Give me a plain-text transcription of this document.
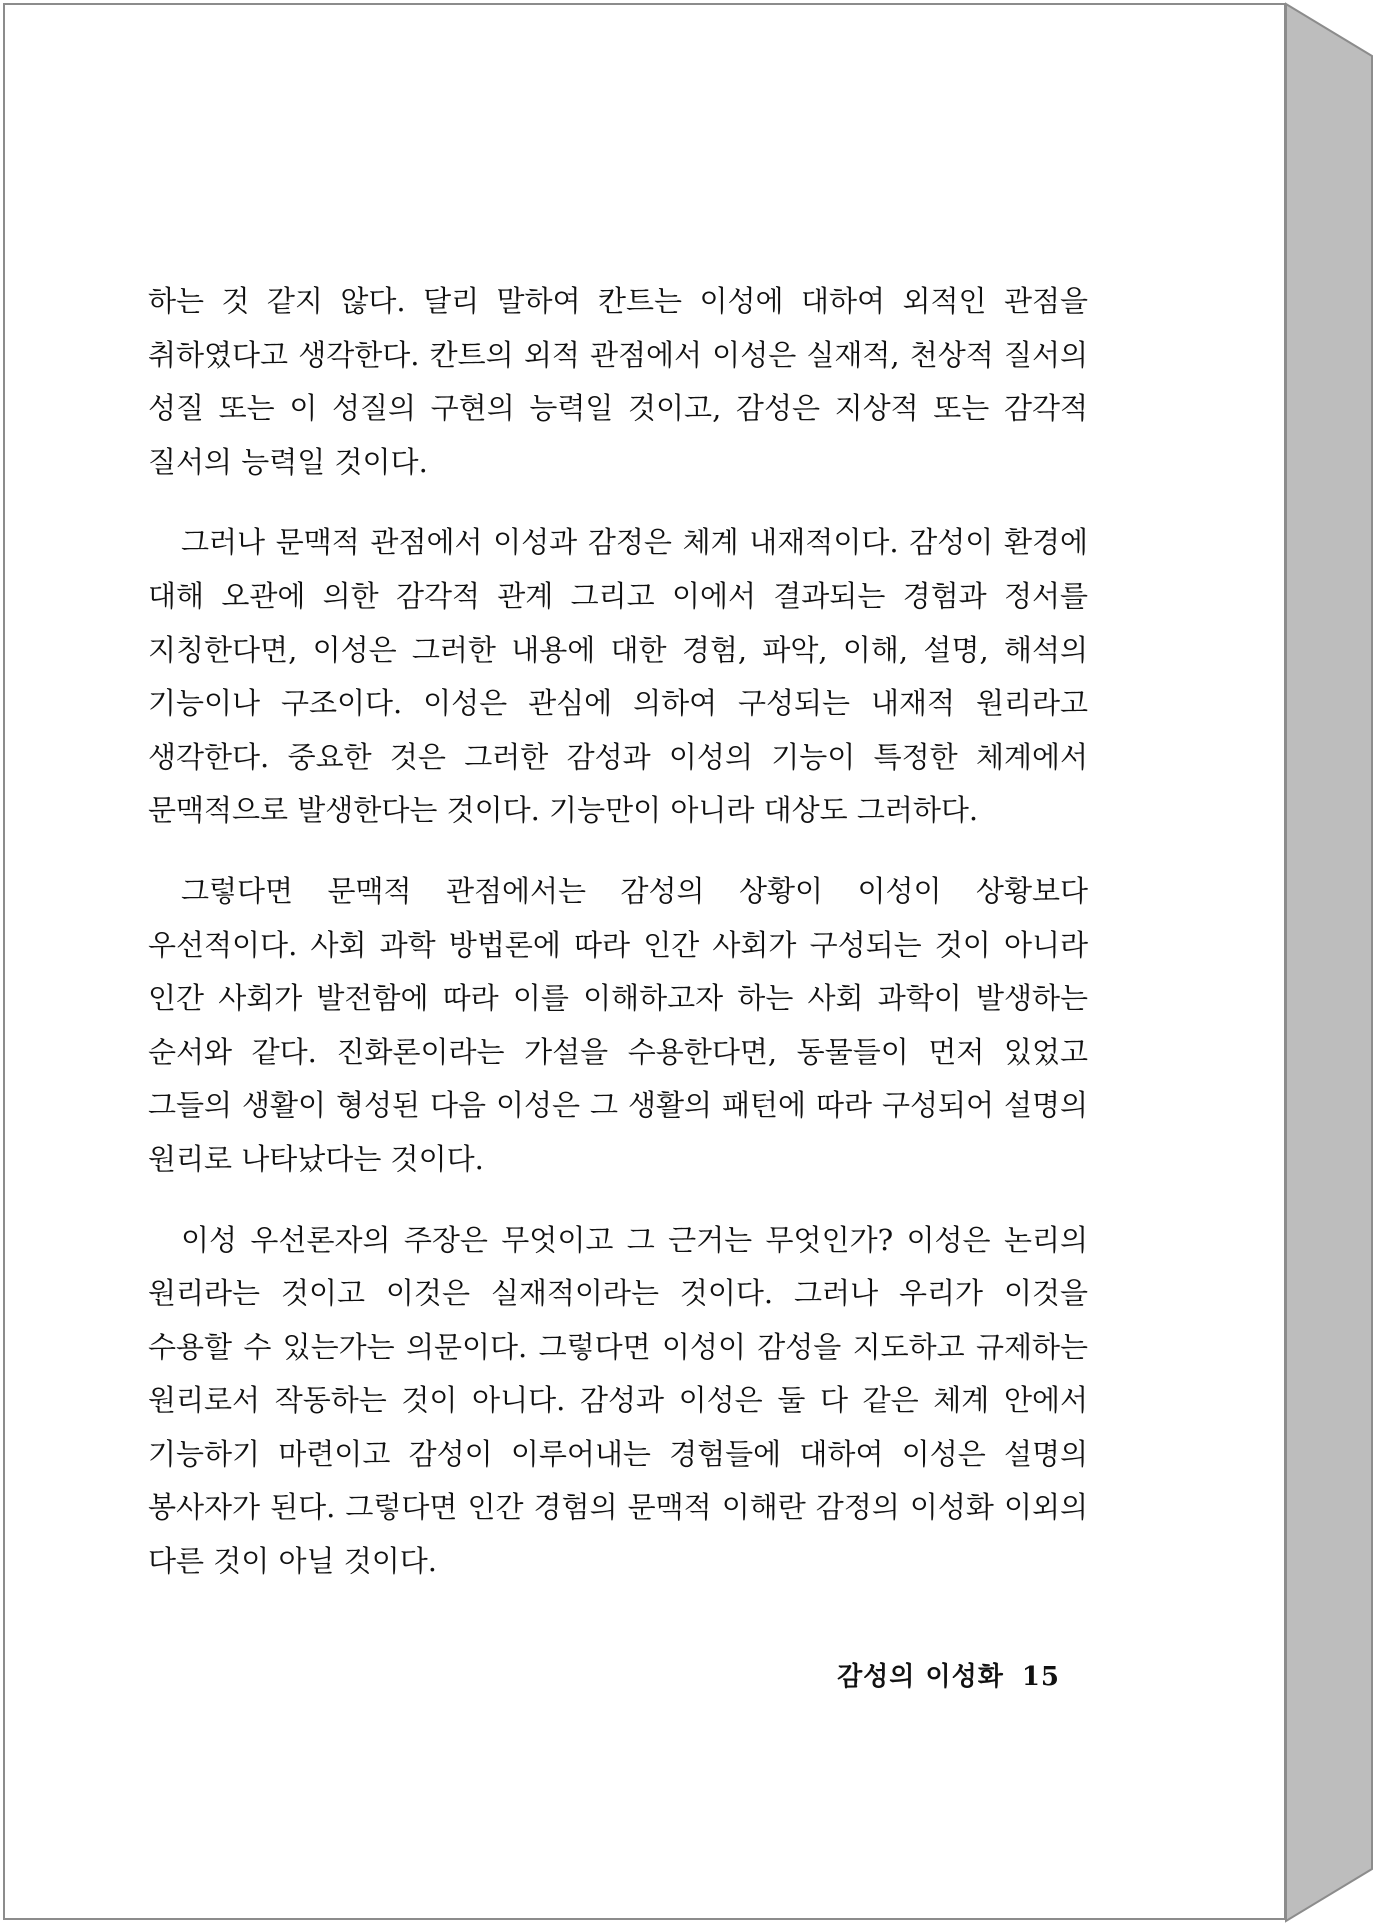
하는 것 같지 않다. 달리 말하여 칸트는 이성에 대하여 외적인 관점을 취하였다고 생각한다. 칸트의 외적 관점에서 이성은 실재적, 천상적 질서의 성질 또는 이 성질의 구현의 능력일 것이고, 감성은 지상적 또는 감각적 질서의 능력일 것이다.

그러나 문맥적 관점에서 이성과 감정은 체계 내재적이다. 감성이 환경에 대해 오관에 의한 감각적 관계 그리고 이에서 결과되는 경험과 정서를 지칭한다면, 이성은 그러한 내용에 대한 경험, 파악, 이해, 설명, 해석의 기능이나 구조이다. 이성은 관심에 의하여 구성되는 내재적 원리라고 생각한다. 중요한 것은 그러한 감성과 이성의 기능이 특정한 체계에서 문맥적으로 발생한다는 것이다. 기능만이 아니라 대상도 그러하다.

그렇다면 문맥적 관점에서는 감성의 상황이 이성이 상황보다 우선적이다. 사회 과학 방법론에 따라 인간 사회가 구성되는 것이 아니라 인간 사회가 발전함에 따라 이를 이해하고자 하는 사회 과학이 발생하는 순서와 같다. 진화론이라는 가설을 수용한다면, 동물들이 먼저 있었고 그들의 생활이 형성된 다음 이성은 그 생활의 패턴에 따라 구성되어 설명의 원리로 나타났다는 것이다.

이성 우선론자의 주장은 무엇이고 그 근거는 무엇인가? 이성은 논리의 원리라는 것이고 이것은 실재적이라는 것이다. 그러나 우리가 이것을 수용할 수 있는가는 의문이다. 그렇다면 이성이 감성을 지도하고 규제하는 원리로서 작동하는 것이 아니다. 감성과 이성은 둘 다 같은 체계 안에서 기능하기 마련이고 감성이 이루어내는 경험들에 대하여 이성은 설명의 봉사자가 된다. 그렇다면 인간 경험의 문맥적 이해란 감정의 이성화 이외의 다른 것이 아닐 것이다.

감성의 이성화 15
